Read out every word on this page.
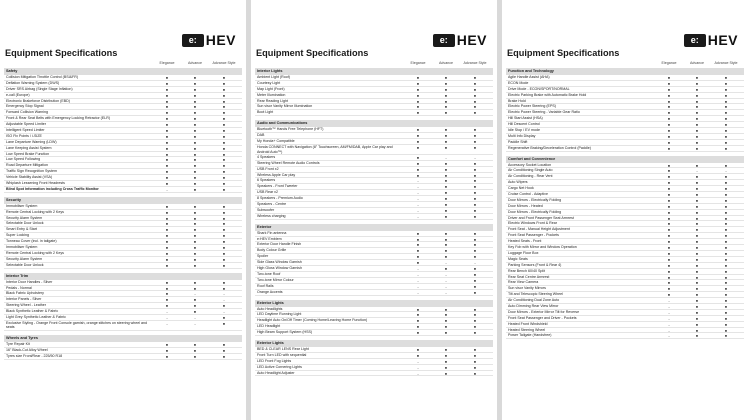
e: HEV
Equipment Specifications
Elegance	Advance	Advance Style
Safety
Collision Mitigation Throttle Control (BSI&FR)	●	●	●
Deflation Warning System (DWS)	●	●	●
Driver SRS Airbag (Single Stage Inflation)	●	●	●
e-call (Europe)	●	●	●
Electronic Brakeforce Distribution (EBD)	●	●	●
Emergency Stop Signal	●	●	●
Forward Collision Warning	●	●	●
Front & Rear Seat Belts with Emergency Locking Retractor (ELR)	●	●	●
Adjustable Speed Limiter	●	●	●
Intelligent Speed Limiter	●	●	●
ISO Fix Points / i-SIZE	●	●	●
Lane Departure Warning (LDW)	●	●	●
Lane Keeping Assist System	●	●	●
Low Speed Brake Function	●	●	●
Low Speed Following	●	●	●
Road Departure Mitigation	●	●	●
Traffic Sign Recognition System	●	●	●
Vehicle Stability Assist (VSA)	●	●	●
Whiplash Lessening Front Headrests	●	●	●
Blind Spot Information including Cross Traffic Monitor	-	●	●
Security
Immobiliser System	●	●	●
Remote Central Locking with 2 Keys	●	●	●
Security Alarm System	●	●	●
Selectable Door Unlock	●	●	●
Smart Entry & Start	●	●	●
Super Locking	●	●	●
Tonneau Cover (incl. in tailgate)	●	●	●
Immobiliser System	●	●	●
Remote Central Locking with 2 Keys	●	●	●
Security Alarm System	●	●	●
Selectable Door Unlock	●	●	●
Interior Trim
Interior Door Handles - Silver	●	●	●
Pedals - Normal	●	●	●
Black Fabric Upholstery	●	-	-
Interior Panels - Silver	●	●	-
Steering Wheel - Leather	●	●	●
Black Synthetic Leather & Fabric	-	●	-
Light Grey Synthetic Leather & Fabric	-	-	●
Exclusive Styling - Orange Front Console garnish, orange stitches on steering wheel and seats
-	-	●
Wheels and Tyres
Tyre Repair Kit	●	●	●
16" Black-Cut Alloy Wheel	●	●	●
Tyres size Front/Rear - 225/50 R18	●	●	●
e: HEV
Equipment Specifications
Elegance	Advance	Advance Style
Interior Lights
Ambient Light (Roof)	●	●	●
Courtesy Light	●	●	●
Map Light (Front)	●	●	●
Meter Illumination	●	●	●
Rear Reading Light	●	●	●
Sun visor Vanity Mirror Illumination	●	●	●
Boot Light	●	●	●
Audio and Communications
Bluetooth™ Hands Free Telephone (HFT)	●	●	●
DAB	●	●	●
My Honda+ Compatible	●	●	●
Honda CONNECT with Navigation (8" Touchscreen, AM/FM/DAB, Apple Car play and Android Auto™)
●	●	●
4 Speakers	●	-	-
Steering Wheel Remote Audio Controls	●	●	●
USB Front x2	●	●	●
Wireless Apple Car play	●	●	●
6 Speakers	-	●	●
Speakers - Front Tweeter	-	●	●
USB Rear x2	-	●	●
8 Speakers - Premium Audio	-	●	●
Speakers - Centre	-	●	●
Subwoofer	-	●	●
Wireless charging	-	●	●
Exterior
Shark Fin antenna	●	●	●
e:HEV Emblem	●	●	●
Exterior Door Handle Finish	●	●	●
Body Colour Grille	●	●	●
Spoiler	●	●	●
Side Glass Window Garnish	●	-	-
High Gloss Window Garnish	-	●	●
Two-tone Roof	-	-	●
Two-tone Mirror Colour	-	-	●
Roof Rails	-	-	●
Orange Accents	-	-	●
Exterior Lights
Auto Headlights	●	●	●
LED Daytime Running Light	●	●	●
Headlight Auto On/Off Timer (Coming Home/Leaving Home Function)	●	●	●
LED Headlight	●	●	●
High Beam Support System (HSS)	●	●	●
Exterior Lights
BED & CLEAR LENS Rear Light	●	●	●
Front Turn LED with sequential	●	●	●
LED Front Fog Lights	-	●	●
LED Active Cornering Lights	-	●	●
Auto Headlight Adjuster	-	●	●
e: HEV
Equipment Specifications
Elegance	Advance	Advance Style
Function and Technology
Agile Handle Assist (AHA)	●	●	●
ECON Mode	●	●	●
Drive Mode - ECON/SPORT/NORMAL	●	●	●
Electric Parking Brake with Automatic Brake Hold	●	●	●
Brake Hold	●	●	●
Electric Power Steering (EPS)	●	●	●
Electric Power Steering - Variable Gear Ratio	●	●	●
Hill Start Assist (HSA)	●	●	●
Hill Descent Control	●	●	●
Idle Stop / EV mode	●	●	●
Multi Info Display	●	●	●
Paddle Shift	●	●	●
Regenerative Braking/Deceleration Control (Paddle)	●	●	●
Comfort and Convenience
Accessory Socket Location	●	●	●
Air Conditioning Single Auto	●	-	-
Air Conditioning - Rear Vent	●	●	●
Auto Wipers	●	●	●
Cargo Net Hook	●	●	●
Cruise Control - Adaptive	●	●	●
Door Mirrors - Electrically Folding	●	●	●
Door Mirrors - Heated	●	●	●
Door Mirrors - Electrically Folding	●	●	●
Driver and Front Passenger Seat Armrest	●	●	●
Electric Windows Front & Rear	●	●	●
Front Seat - Manual Height Adjustment	●	●	●
Front Seat Passenger - Pockets	●	●	●
Heated Seats - Front	●	●	●
Key Fob with Mirror and Window Operation	●	●	●
Luggage Floor Box	●	●	●
Magic Seats	●	●	●
Parking Sensors (Front & Rear 4)	●	●	●
Rear Bench 60/40 Split	●	●	●
Rear Seat Centre Armrest	●	●	●
Rear View Camera	●	●	●
Sun visor Vanity Mirrors	●	●	●
Tilt and Telescopic Steering Wheel	●	●	●
Air Conditioning Dual Zone Auto	-	●	●
Auto Dimming Rear View Mirror	-	●	●
Door Mirrors - Exterior Mirror Tilt for Reverse	-	●	●
Front Seat Passenger and Driver - Pockets	-	●	●
Heated Front Windshield	-	●	●
Heated Steering Wheel	-	●	●
Power Tailgate (Handsfree)	-	●	●
